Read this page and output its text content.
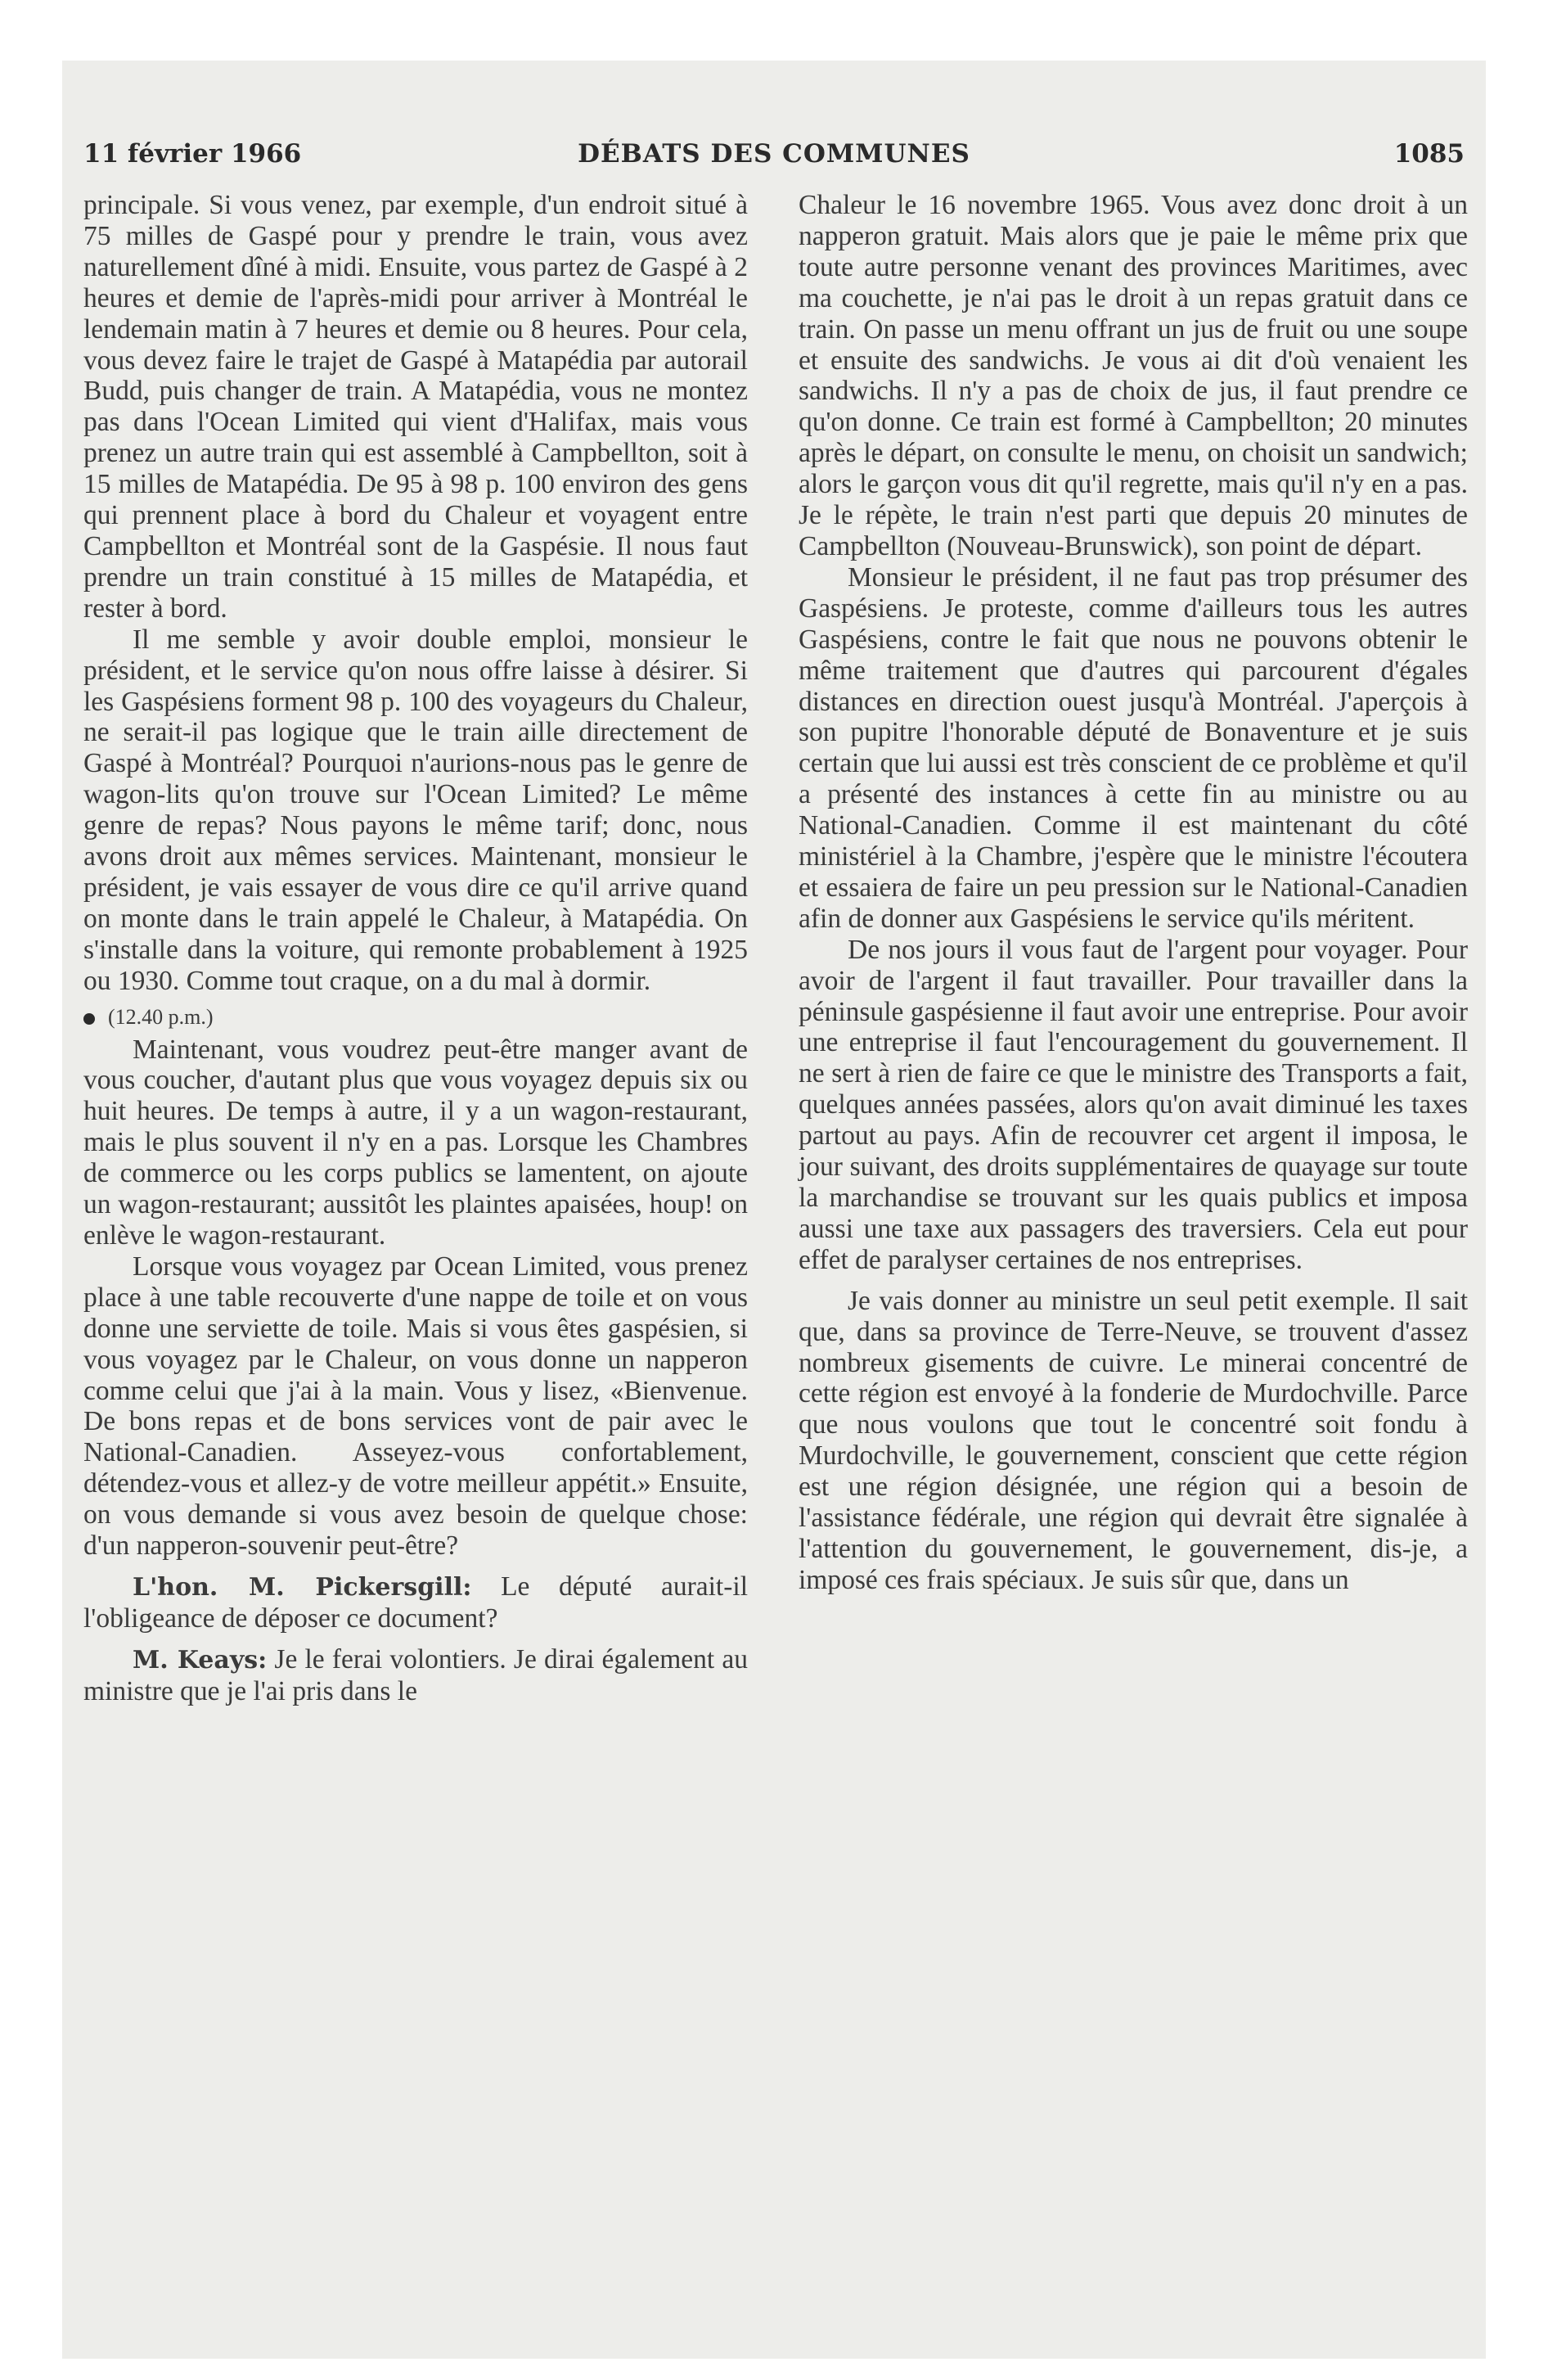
11 février 1966	DÉBATS DES COMMUNES	1085

principale. Si vous venez, par exemple, d'un endroit situé à 75 milles de Gaspé pour y prendre le train, vous avez naturellement dîné à midi. Ensuite, vous partez de Gaspé à 2 heures et demie de l'après-midi pour arriver à Montréal le lendemain matin à 7 heures et demie ou 8 heures. Pour cela, vous devez faire le trajet de Gaspé à Matapédia par autorail Budd, puis changer de train. A Matapédia, vous ne montez pas dans l'Ocean Limited qui vient d'Halifax, mais vous prenez un autre train qui est assemblé à Campbellton, soit à 15 milles de Matapédia. De 95 à 98 p. 100 environ des gens qui prennent place à bord du Chaleur et voyagent entre Campbellton et Montréal sont de la Gaspésie. Il nous faut prendre un train constitué à 15 milles de Matapédia, et rester à bord.

Il me semble y avoir double emploi, monsieur le président, et le service qu'on nous offre laisse à désirer. Si les Gaspésiens forment 98 p. 100 des voyageurs du Chaleur, ne serait-il pas logique que le train aille directement de Gaspé à Montréal? Pourquoi n'aurions-nous pas le genre de wagon-lits qu'on trouve sur l'Ocean Limited? Le même genre de repas? Nous payons le même tarif; donc, nous avons droit aux mêmes services. Maintenant, monsieur le président, je vais essayer de vous dire ce qu'il arrive quand on monte dans le train appelé le Chaleur, à Matapédia. On s'installe dans la voiture, qui remonte probablement à 1925 ou 1930. Comme tout craque, on a du mal à dormir.

(12.40 p.m.)

Maintenant, vous voudrez peut-être manger avant de vous coucher, d'autant plus que vous voyagez depuis six ou huit heures. De temps à autre, il y a un wagon-restaurant, mais le plus souvent il n'y en a pas. Lorsque les Chambres de commerce ou les corps publics se lamentent, on ajoute un wagon-restaurant; aussitôt les plaintes apaisées, houp! on enlève le wagon-restaurant.

Lorsque vous voyagez par Ocean Limited, vous prenez place à une table recouverte d'une nappe de toile et on vous donne une serviette de toile. Mais si vous êtes gaspésien, si vous voyagez par le Chaleur, on vous donne un napperon comme celui que j'ai à la main. Vous y lisez, «Bienvenue. De bons repas et de bons services vont de pair avec le National-Canadien. Asseyez-vous confortablement, détendez-vous et allez-y de votre meilleur appétit.» Ensuite, on vous demande si vous avez besoin de quelque chose: d'un napperon-souvenir peut-être?

L'hon. M. Pickersgill: Le député aurait-il l'obligeance de déposer ce document?

M. Keays: Je le ferai volontiers. Je dirai également au ministre que je l'ai pris dans le

Chaleur le 16 novembre 1965. Vous avez donc droit à un napperon gratuit. Mais alors que je paie le même prix que toute autre personne venant des provinces Maritimes, avec ma couchette, je n'ai pas le droit à un repas gratuit dans ce train. On passe un menu offrant un jus de fruit ou une soupe et ensuite des sandwichs. Je vous ai dit d'où venaient les sandwichs. Il n'y a pas de choix de jus, il faut prendre ce qu'on donne. Ce train est formé à Campbellton; 20 minutes après le départ, on consulte le menu, on choisit un sandwich; alors le garçon vous dit qu'il regrette, mais qu'il n'y en a pas. Je le répète, le train n'est parti que depuis 20 minutes de Campbellton (Nouveau-Brunswick), son point de départ.

Monsieur le président, il ne faut pas trop présumer des Gaspésiens. Je proteste, comme d'ailleurs tous les autres Gaspésiens, contre le fait que nous ne pouvons obtenir le même traitement que d'autres qui parcourent d'égales distances en direction ouest jusqu'à Montréal. J'aperçois à son pupitre l'honorable député de Bonaventure et je suis certain que lui aussi est très conscient de ce problème et qu'il a présenté des instances à cette fin au ministre ou au National-Canadien. Comme il est maintenant du côté ministériel à la Chambre, j'espère que le ministre l'écoutera et essaiera de faire un peu pression sur le National-Canadien afin de donner aux Gaspésiens le service qu'ils méritent.

De nos jours il vous faut de l'argent pour voyager. Pour avoir de l'argent il faut travailler. Pour travailler dans la péninsule gaspésienne il faut avoir une entreprise. Pour avoir une entreprise il faut l'encouragement du gouvernement. Il ne sert à rien de faire ce que le ministre des Transports a fait, quelques années passées, alors qu'on avait diminué les taxes partout au pays. Afin de recouvrer cet argent il imposa, le jour suivant, des droits supplémentaires de quayage sur toute la marchandise se trouvant sur les quais publics et imposa aussi une taxe aux passagers des traversiers. Cela eut pour effet de paralyser certaines de nos entreprises.

Je vais donner au ministre un seul petit exemple. Il sait que, dans sa province de Terre-Neuve, se trouvent d'assez nombreux gisements de cuivre. Le minerai concentré de cette région est envoyé à la fonderie de Murdochville. Parce que nous voulons que tout le concentré soit fondu à Murdochville, le gouvernement, conscient que cette région est une région désignée, une région qui a besoin de l'assistance fédérale, une région qui devrait être signalée à l'attention du gouvernement, le gouvernement, dis-je, a imposé ces frais spéciaux. Je suis sûr que, dans un
